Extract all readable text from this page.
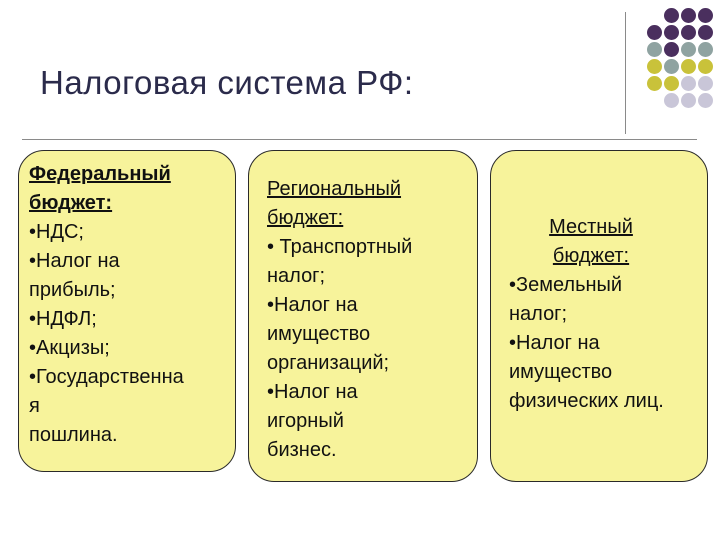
Налоговая система РФ:
Федеральный
бюджет:
•НДС;
•Налог на
прибыль;
•НДФЛ;
•Акцизы;
•Государственна
я
пошлина.
Региональный
бюджет:
• Транспортный
налог;
•Налог на
имущество
организаций;
•Налог на
игорный
бизнес.
Местный
бюджет:
•Земельный
налог;
•Налог на
имущество
физических лиц.
